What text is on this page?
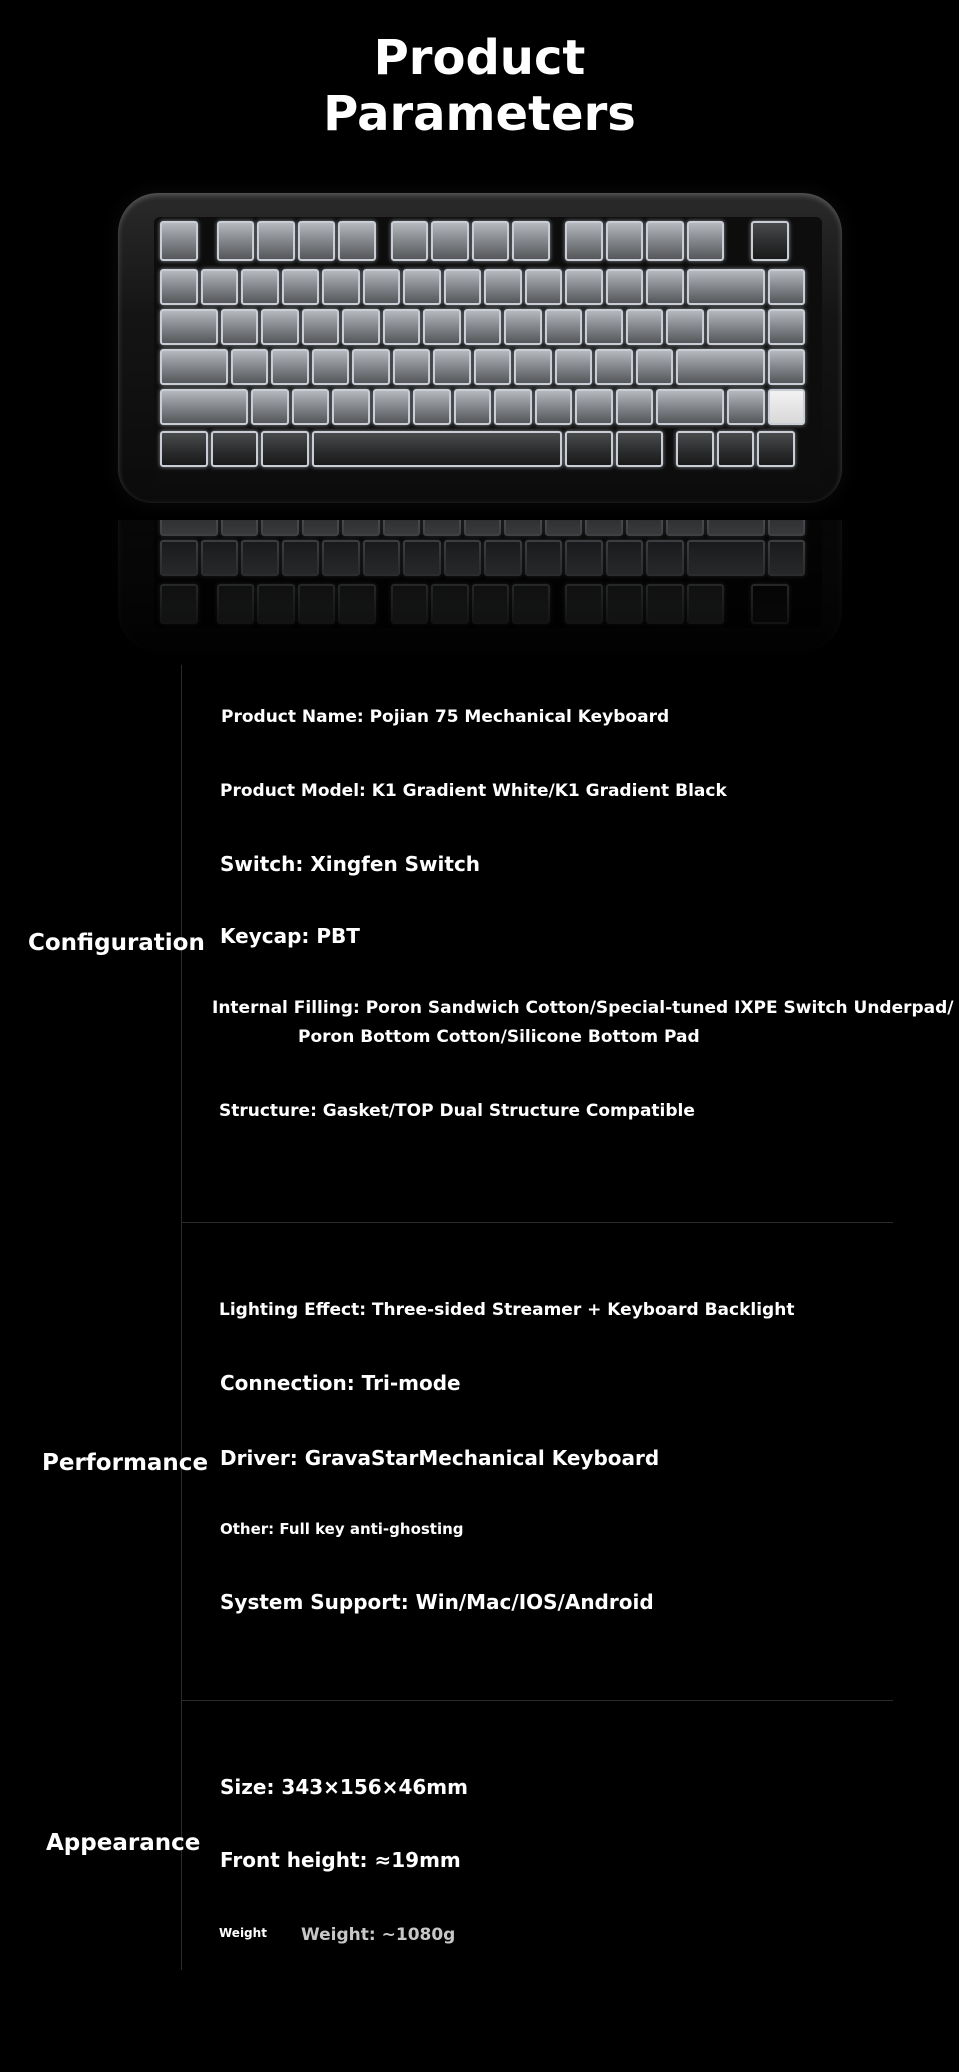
Product
Parameters
Configuration
Product Name: Pojian 75 Mechanical Keyboard
Product Model: K1 Gradient White/K1 Gradient Black
Switch: Xingfen Switch
Keycap: PBT
Internal Filling: Poron Sandwich Cotton/Special-tuned IXPE Switch Underpad/
Poron Bottom Cotton/Silicone Bottom Pad
Structure: Gasket/TOP Dual Structure Compatible
Performance
Lighting Effect: Three-sided Streamer + Keyboard Backlight
Connection: Tri-mode
Driver: GravaStarMechanical Keyboard
Other: Full key anti-ghosting
System Support: Win/Mac/IOS/Android
Appearance
Size: 343×156×46mm
Front height: ≈19mm
Weight Weight: ~1080g
